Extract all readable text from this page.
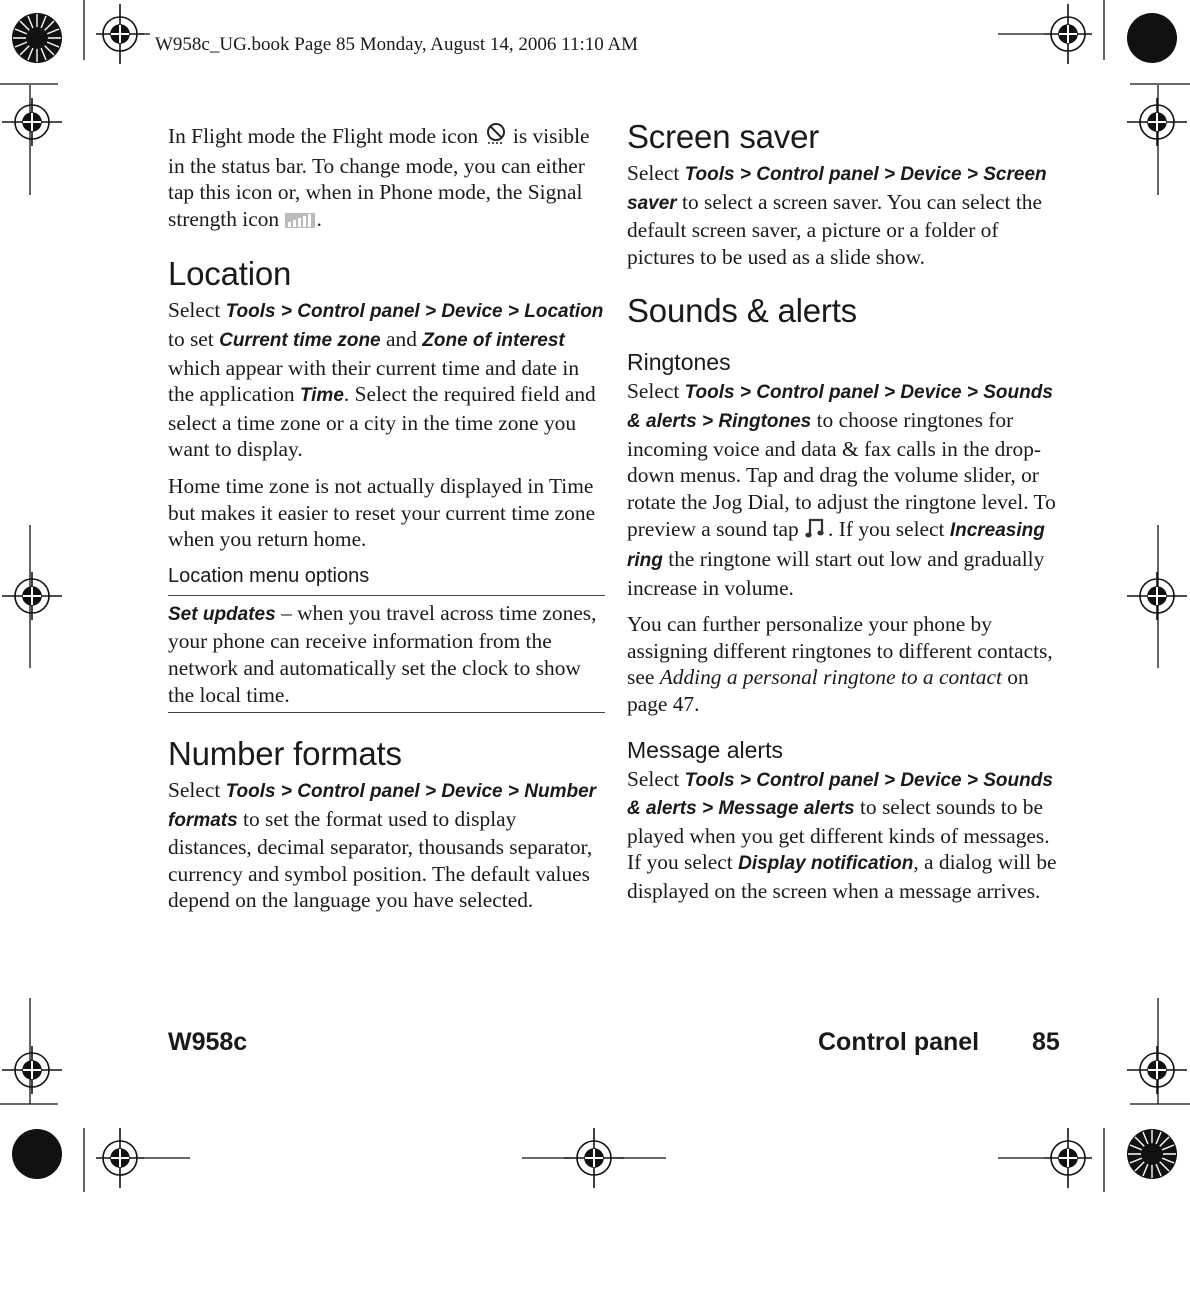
W958c_UG.book Page 85 Monday, August 14, 2006 11:10 AM

In Flight mode the Flight mode icon is visible in the status bar. To change mode, you can either tap this icon or, when in Phone mode, the Signal strength icon .

Location

Select Tools > Control panel > Device > Location to set Current time zone and Zone of interest which appear with their current time and date in the application Time. Select the required field and select a time zone or a city in the time zone you want to display.

Home time zone is not actually displayed in Time but makes it easier to reset your current time zone when you return home.

Location menu options

Set updates – when you travel across time zones, your phone can receive information from the network and automatically set the clock to show the local time.

Number formats

Select Tools > Control panel > Device > Number formats to set the format used to display distances, decimal separator, thousands separator, currency and symbol position. The default values depend on the language you have selected.

Screen saver

Select Tools > Control panel > Device > Screen saver to select a screen saver. You can select the default screen saver, a picture or a folder of pictures to be used as a slide show.

Sounds & alerts
Ringtones

Select Tools > Control panel > Device > Sounds & alerts > Ringtones to choose ringtones for incoming voice and data & fax calls in the drop-down menus. Tap and drag the volume slider, or rotate the Jog Dial, to adjust the ringtone level. To preview a sound tap . If you select Increasing ring the ringtone will start out low and gradually increase in volume.

You can further personalize your phone by assigning different ringtones to different contacts, see Adding a personal ringtone to a contact on page 47.

Message alerts

Select Tools > Control panel > Device > Sounds & alerts > Message alerts to select sounds to be played when you get different kinds of messages. If you select Display notification, a dialog will be displayed on the screen when a message arrives.

W958c	Control panel 85
